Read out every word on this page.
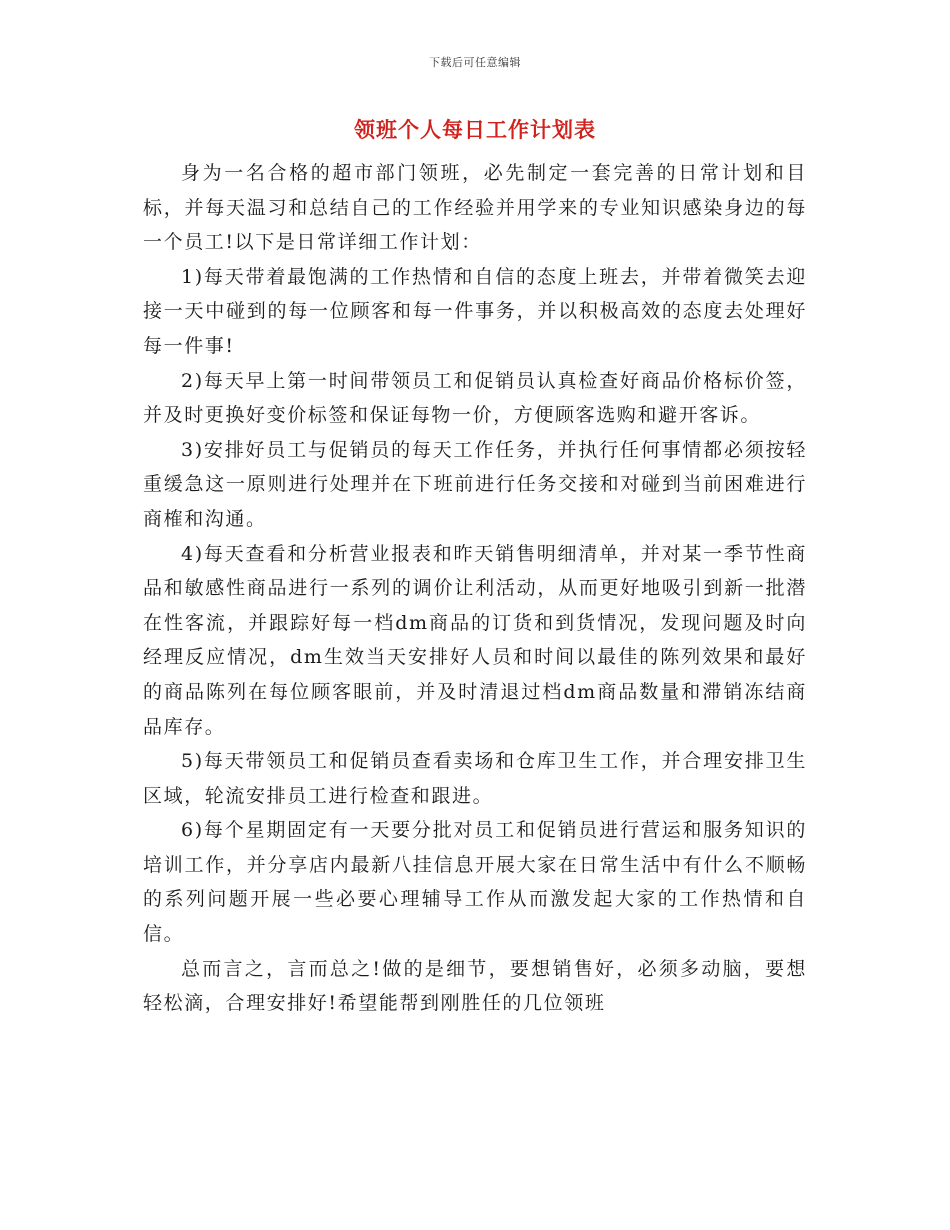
下载后可任意编辑
领班个人每日工作计划表

身为一名合格的超市部门领班，必先制定一套完善的日常计划和目标，并每天温习和总结自己的工作经验并用学来的专业知识感染身边的每一个员工!以下是日常详细工作计划：

1)每天带着最饱满的工作热情和自信的态度上班去，并带着微笑去迎接一天中碰到的每一位顾客和每一件事务，并以积极高效的态度去处理好每一件事!

2)每天早上第一时间带领员工和促销员认真检查好商品价格标价签，并及时更换好变价标签和保证每物一价，方便顾客选购和避开客诉。

3)安排好员工与促销员的每天工作任务，并执行任何事情都必须按轻重缓急这一原则进行处理并在下班前进行任务交接和对碰到当前困难进行商榷和沟通。

4)每天查看和分析营业报表和昨天销售明细清单，并对某一季节性商品和敏感性商品进行一系列的调价让利活动，从而更好地吸引到新一批潜在性客流，并跟踪好每一档dm商品的订货和到货情况，发现问题及时向经理反应情况，dm生效当天安排好人员和时间以最佳的陈列效果和最好的商品陈列在每位顾客眼前，并及时清退过档dm商品数量和滞销冻结商品库存。

5)每天带领员工和促销员查看卖场和仓库卫生工作，并合理安排卫生区域，轮流安排员工进行检查和跟进。

6)每个星期固定有一天要分批对员工和促销员进行营运和服务知识的培训工作，并分享店内最新八挂信息开展大家在日常生活中有什么不顺畅的系列问题开展一些必要心理辅导工作从而激发起大家的工作热情和自信。

总而言之，言而总之!做的是细节，要想销售好，必须多动脑，要想轻松滴，合理安排好!希望能帮到刚胜任的几位领班
